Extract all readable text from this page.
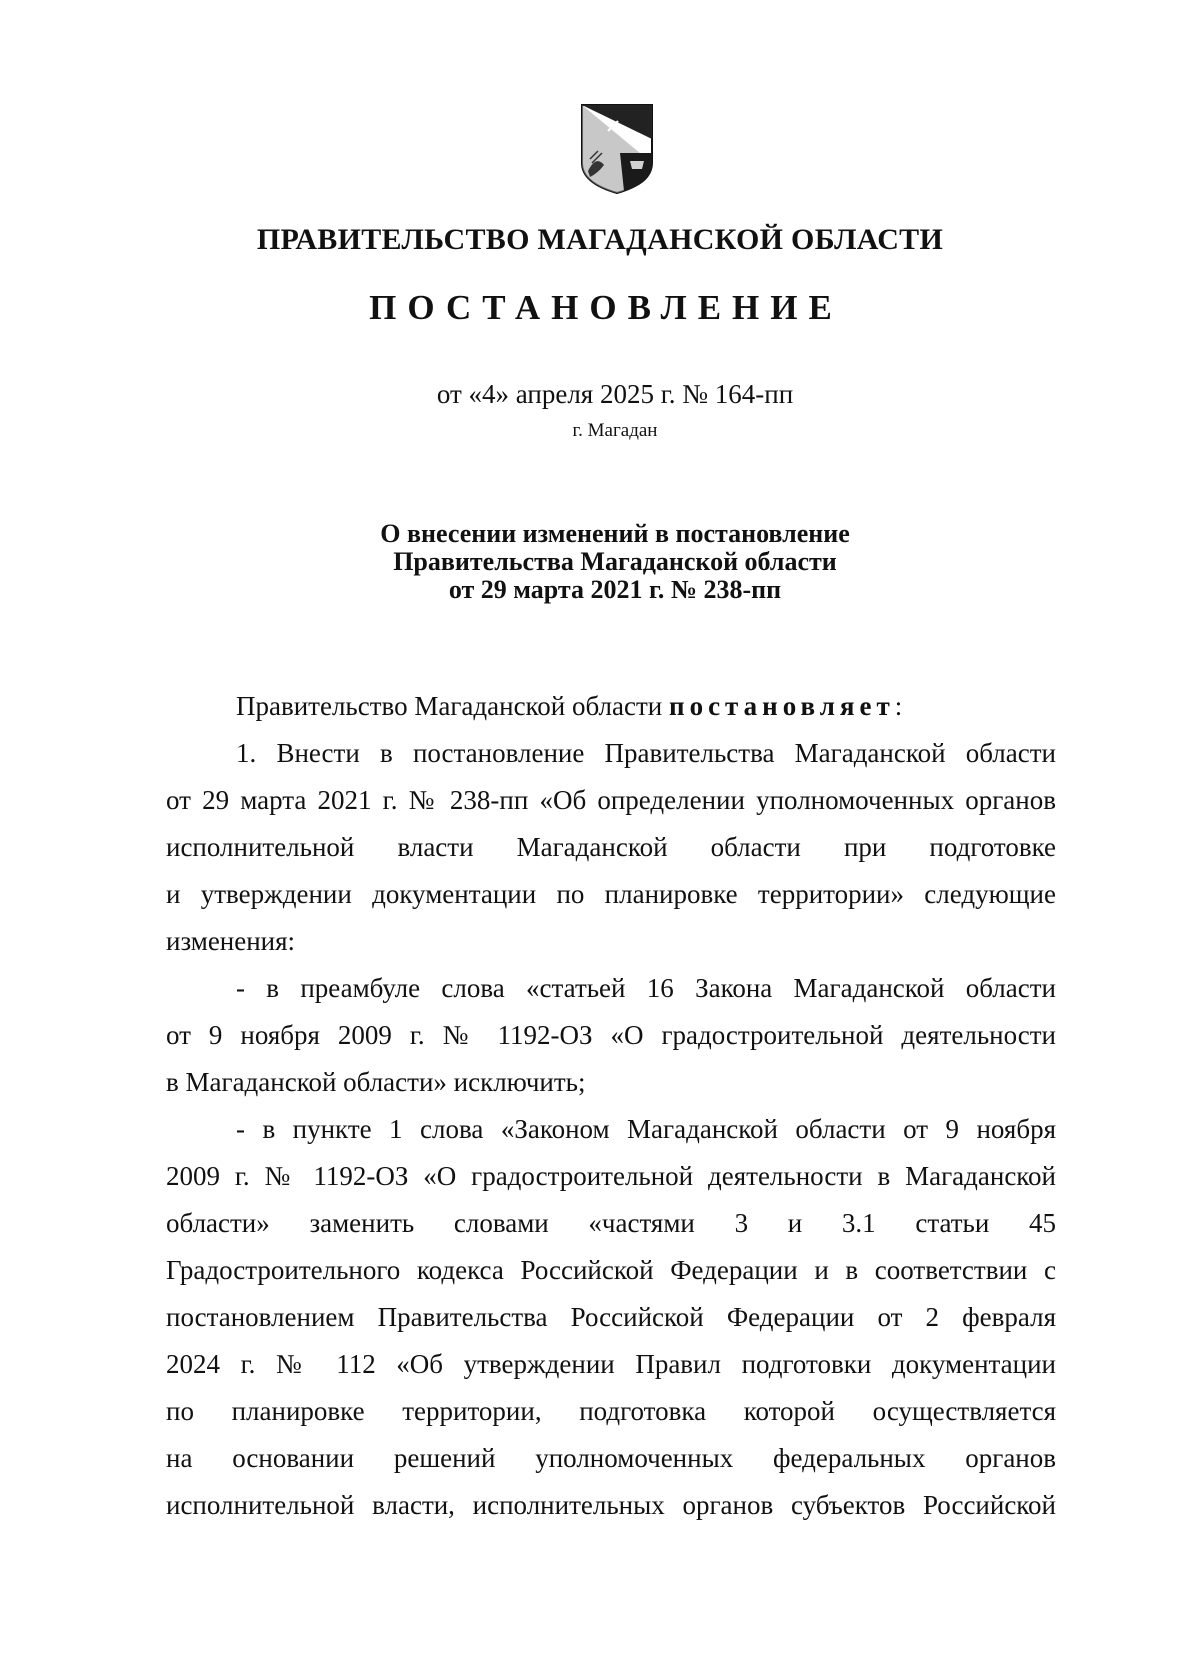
ПРАВИТЕЛЬСТВО МАГАДАНСКОЙ ОБЛАСТИ
ПОСТАНОВЛЕНИЕ
от «4» апреля 2025 г. № 164-пп
г. Магадан
О внесении изменений в постановление
Правительства Магаданской области
от 29 марта 2021 г. № 238-пп
Правительство Магаданской области постановляет:
1. Внести в постановление Правительства Магаданской области
от 29 марта 2021 г. № 238-пп «Об определении уполномоченных органов
исполнительной власти Магаданской области при подготовке
и утверждении документации по планировке территории» следующие
изменения:
- в преамбуле слова «статьей 16 Закона Магаданской области
от 9 ноября 2009 г. № 1192-ОЗ «О градостроительной деятельности
в Магаданской области» исключить;
- в пункте 1 слова «Законом Магаданской области от 9 ноября
2009 г. № 1192-ОЗ «О градостроительной деятельности в Магаданской
области» заменить словами «частями 3 и 3.1 статьи 45
Градостроительного кодекса Российской Федерации и в соответствии с
постановлением Правительства Российской Федерации от 2 февраля
2024 г. № 112 «Об утверждении Правил подготовки документации
по планировке территории, подготовка которой осуществляется
на основании решений уполномоченных федеральных органов
исполнительной власти, исполнительных органов субъектов Российской
